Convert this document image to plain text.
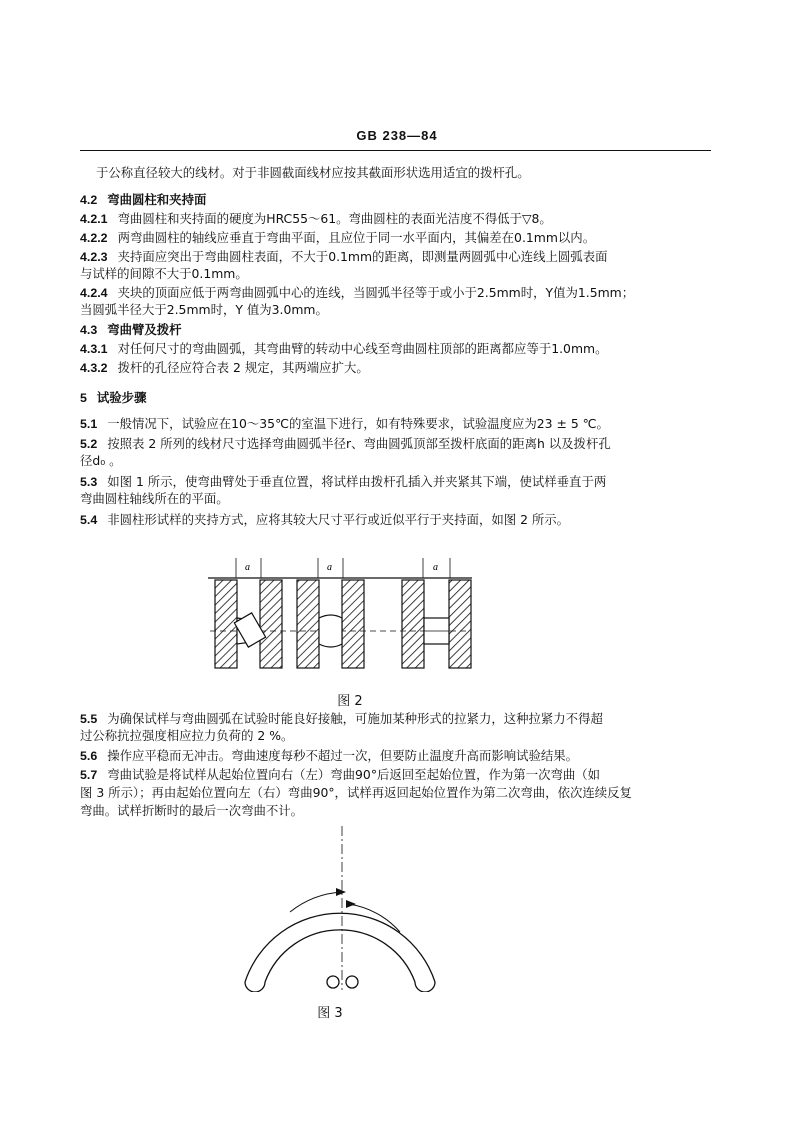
GB 238—84
于公称直径较大的线材。对于非圆截面线材应按其截面形状选用适宜的拨杆孔。
4.2 弯曲圆柱和夹持面
4.2.1 弯曲圆柱和夹持面的硬度为HRC55～61。弯曲圆柱的表面光洁度不得低于▽8。
4.2.2 两弯曲圆柱的轴线应垂直于弯曲平面，且应位于同一水平面内，其偏差在0.1mm以内。
4.2.3 夹持面应突出于弯曲圆柱表面，不大于0.1mm的距离，即测量两圆弧中心连线上圆弧表面
与试样的间隙不大于0.1mm。
4.2.4 夹块的顶面应低于两弯曲圆弧中心的连线，当圆弧半径等于或小于2.5mm时，Y值为1.5mm；
当圆弧半径大于2.5mm时，Y 值为3.0mm。
4.3 弯曲臂及拨杆
4.3.1 对任何尺寸的弯曲圆弧，其弯曲臂的转动中心线至弯曲圆柱顶部的距离都应等于1.0mm。
4.3.2 拨杆的孔径应符合表 2 规定，其两端应扩大。
5 试验步骤
5.1 一般情况下，试验应在10～35℃的室温下进行，如有特殊要求，试验温度应为23 ± 5 ℃。
5.2 按照表 2 所列的线材尺寸选择弯曲圆弧半径r、弯曲圆弧顶部至拨杆底面的距离h 以及拨杆孔
径d₀ 。
5.3 如图 1 所示，使弯曲臂处于垂直位置，将试样由拨杆孔插入并夹紧其下端，使试样垂直于两
弯曲圆柱轴线所在的平面。
5.4 非圆柱形试样的夹持方式，应将其较大尺寸平行或近似平行于夹持面，如图 2 所示。
5.5 为确保试样与弯曲圆弧在试验时能良好接触，可施加某种形式的拉紧力，这种拉紧力不得超
过公称抗拉强度相应拉力负荷的 2 %。
5.6 操作应平稳而无冲击。弯曲速度每秒不超过一次，但要防止温度升高而影响试验结果。
5.7 弯曲试验是将试样从起始位置向右（左）弯曲90°后返回至起始位置，作为第一次弯曲（如
图 3 所示）；再由起始位置向左（右）弯曲90°，试样再返回起始位置作为第二次弯曲，依次连续反复
弯曲。试样折断时的最后一次弯曲不计。
a	a	a
图 2
图 3
